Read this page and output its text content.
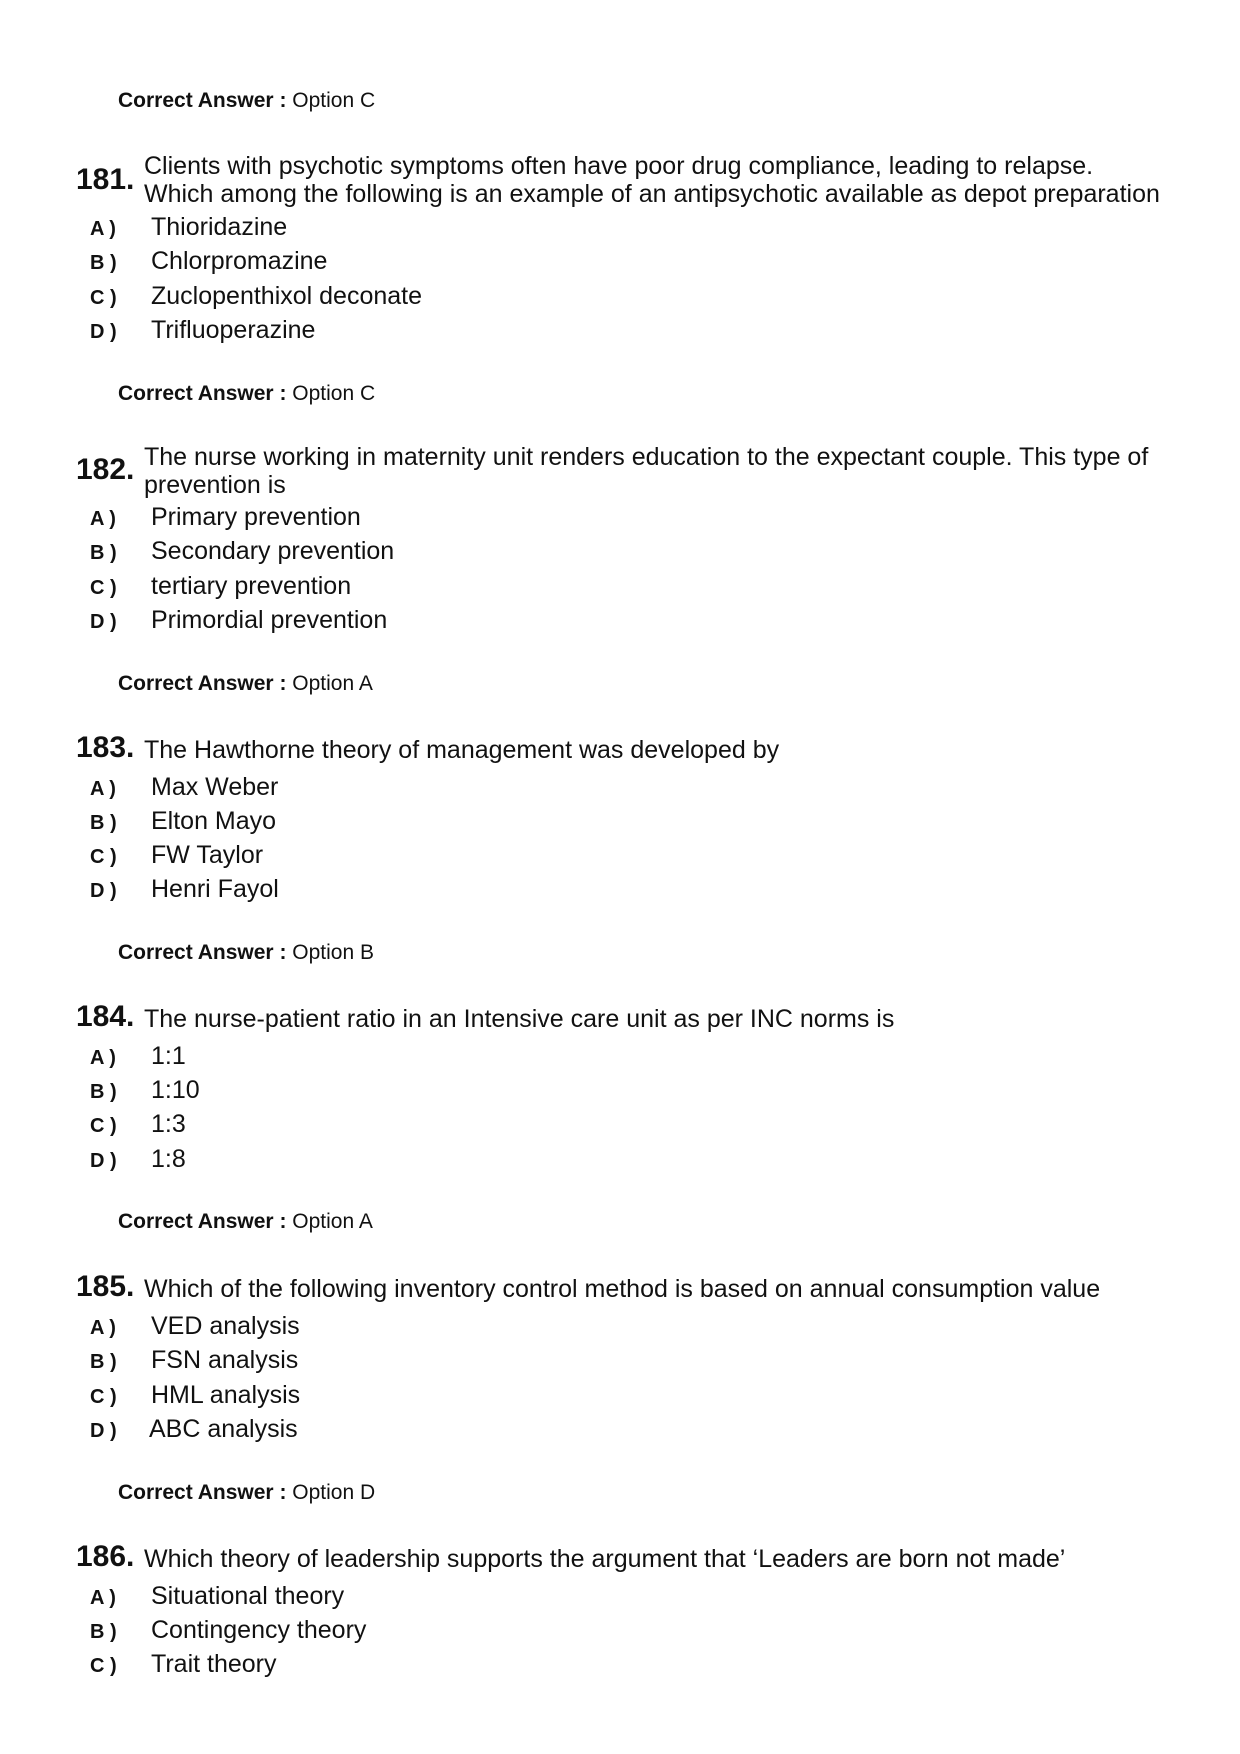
Correct Answer : Option C
181. Clients with psychotic symptoms often have poor drug compliance, leading to relapse.
Which among the following is an example of an antipsychotic available as depot preparation
A ) Thioridazine
B ) Chlorpromazine
C ) Zuclopenthixol deconate
D ) Trifluoperazine
Correct Answer : Option C
182. The nurse working in maternity unit renders education to the expectant couple. This type of
prevention is
A ) Primary prevention
B ) Secondary prevention
C ) tertiary prevention
D ) Primordial prevention
Correct Answer : Option A
183. The Hawthorne theory of management was developed by
A ) Max Weber
B ) Elton Mayo
C ) FW Taylor
D ) Henri Fayol
Correct Answer : Option B
184. The nurse-patient ratio in an Intensive care unit as per INC norms is
A ) 1:1
B ) 1:10
C ) 1:3
D ) 1:8
Correct Answer : Option A
185. Which of the following inventory control method is based on annual consumption value
A ) VED analysis
B ) FSN analysis
C ) HML analysis
D ) ABC analysis
Correct Answer : Option D
186. Which theory of leadership supports the argument that ‘Leaders are born not made’
A ) Situational theory
B ) Contingency theory
C ) Trait theory
